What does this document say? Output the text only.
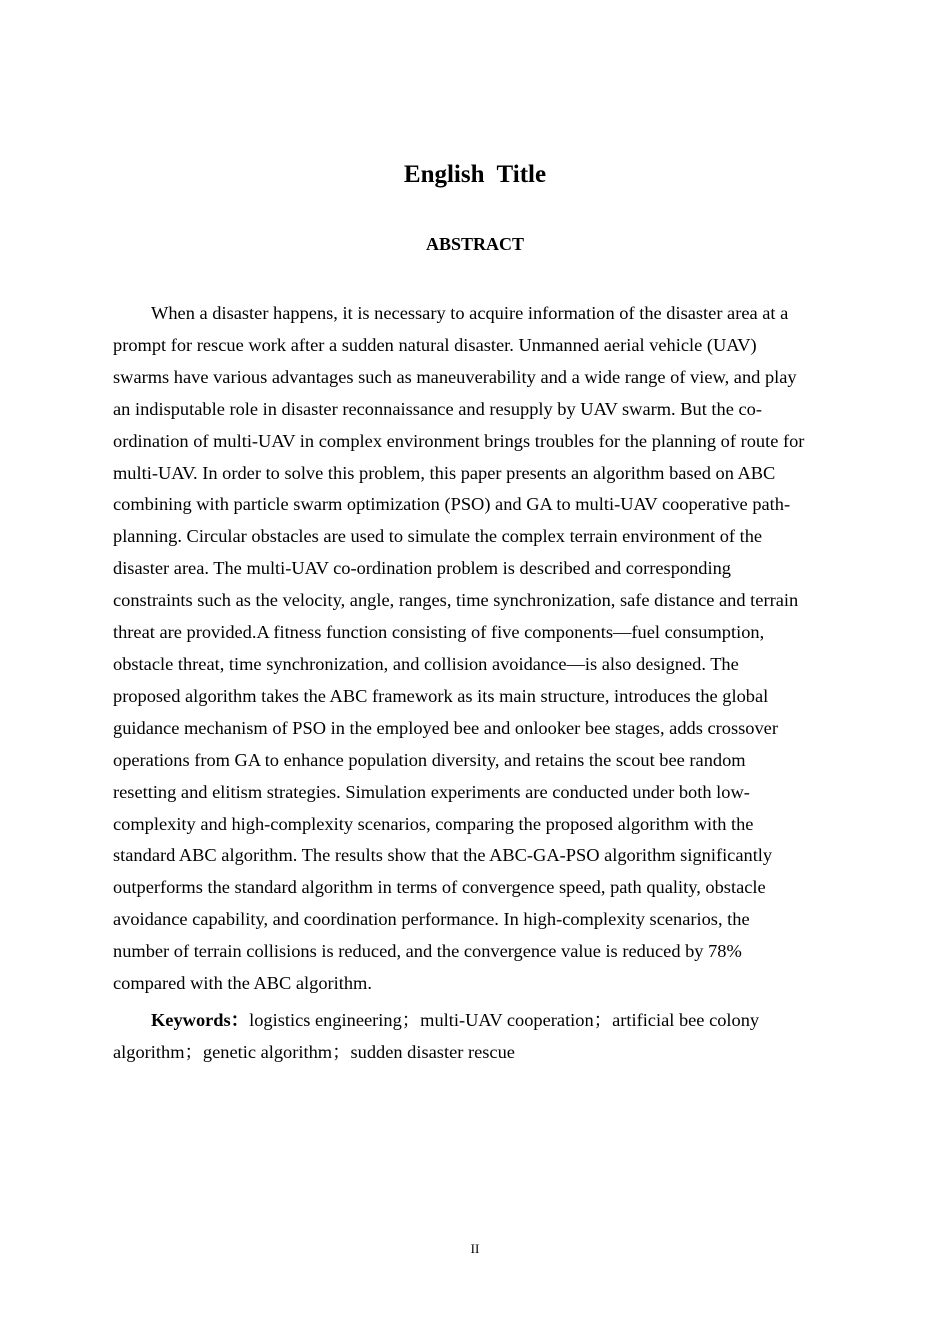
English  Title
ABSTRACT
When a disaster happens, it is necessary to acquire information of the disaster area at a
prompt for rescue work after a sudden natural disaster. Unmanned aerial vehicle (UAV)
swarms have various advantages such as maneuverability and a wide range of view, and play
an indisputable role in disaster reconnaissance and resupply by UAV swarm. But the co-
ordination of multi-UAV in complex environment brings troubles for the planning of route for
multi-UAV. In order to solve this problem, this paper presents an algorithm based on ABC
combining with particle swarm optimization (PSO) and GA to multi-UAV cooperative path-
planning. Circular obstacles are used to simulate the complex terrain environment of the
disaster area. The multi-UAV co-ordination problem is described and corresponding
constraints such as the velocity, angle, ranges, time synchronization, safe distance and terrain
threat are provided.A fitness function consisting of five components—fuel consumption,
obstacle threat, time synchronization, and collision avoidance—is also designed. The
proposed algorithm takes the ABC framework as its main structure, introduces the global
guidance mechanism of PSO in the employed bee and onlooker bee stages, adds crossover
operations from GA to enhance population diversity, and retains the scout bee random
resetting and elitism strategies. Simulation experiments are conducted under both low-
complexity and high-complexity scenarios, comparing the proposed algorithm with the
standard ABC algorithm. The results show that the ABC-GA-PSO algorithm significantly
outperforms the standard algorithm in terms of convergence speed, path quality, obstacle
avoidance capability, and coordination performance. In high-complexity scenarios, the
number of terrain collisions is reduced, and the convergence value is reduced by 78%
compared with the ABC algorithm.
Keywords：logistics engineering；multi-UAV cooperation；artificial bee colony
algorithm；genetic algorithm；sudden disaster rescue
II
